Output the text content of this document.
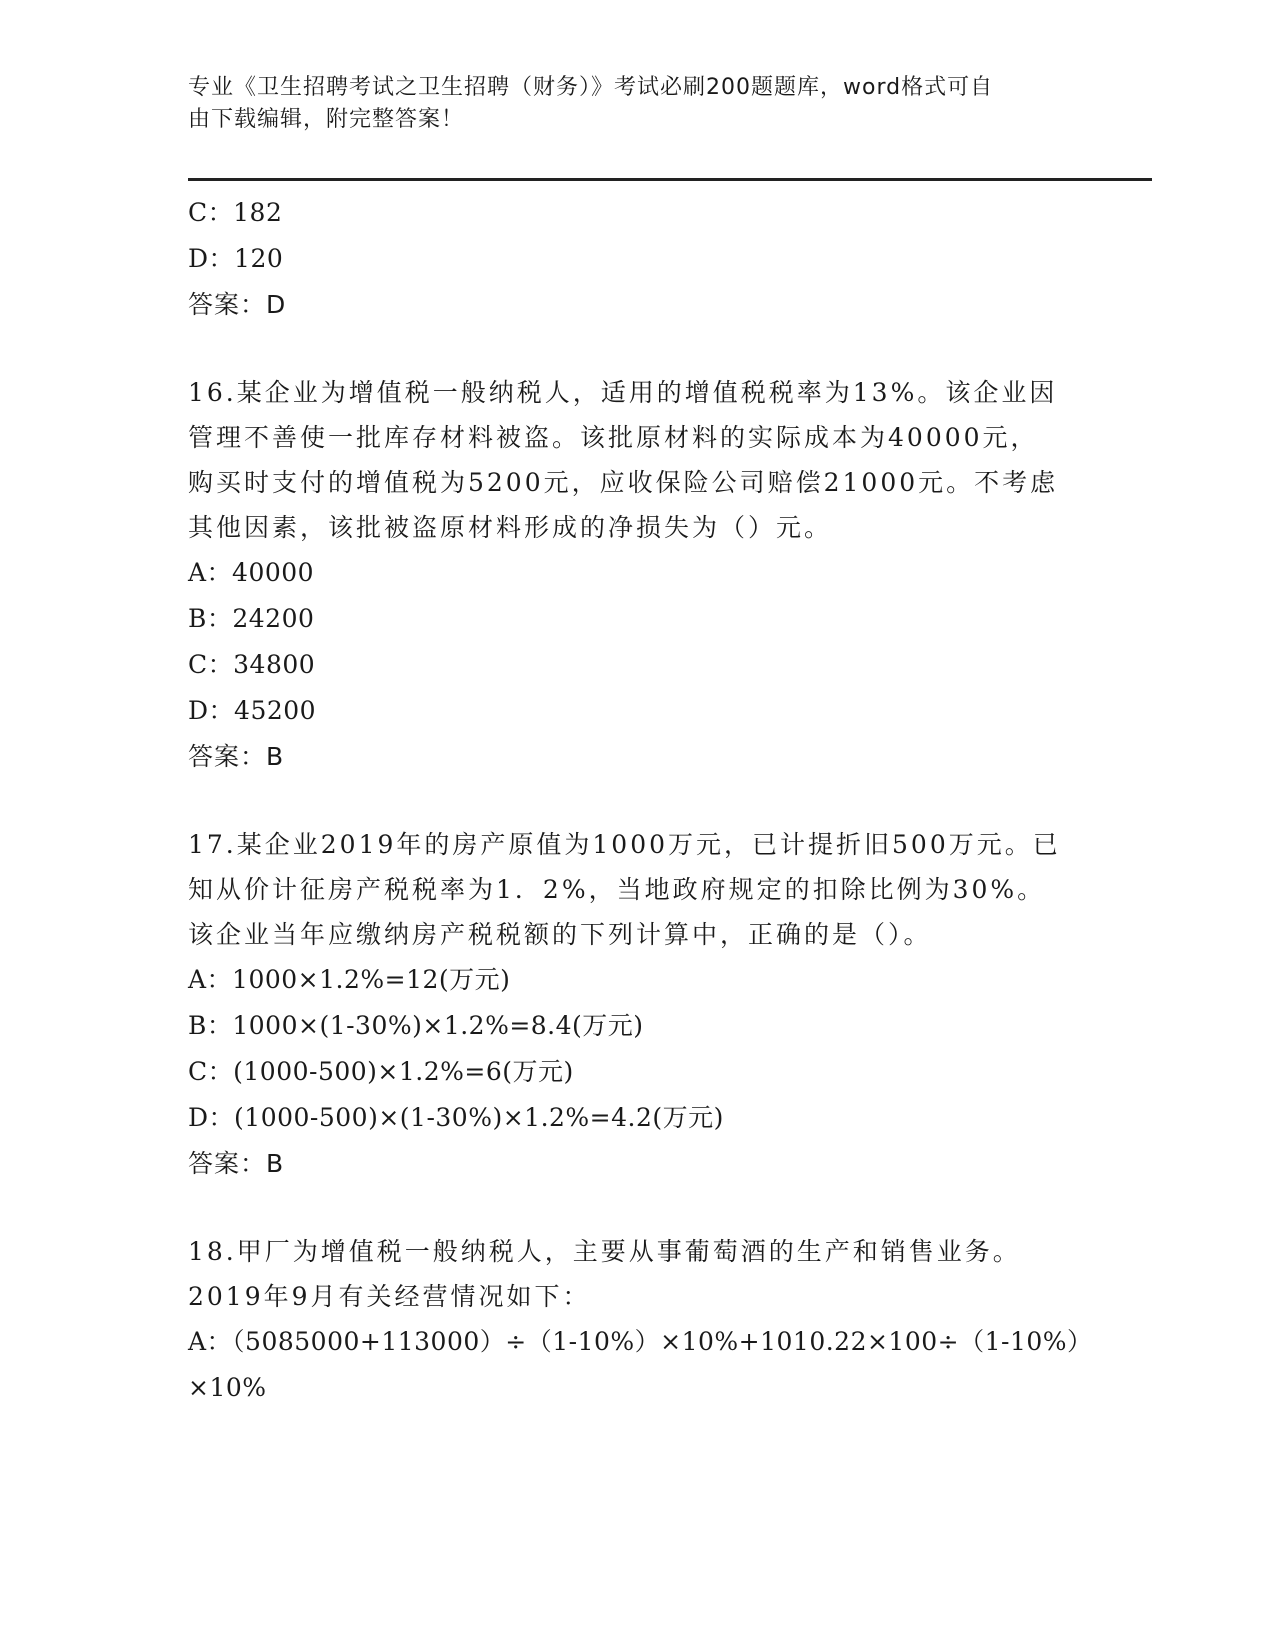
专业《卫生招聘考试之卫生招聘（财务）》考试必刷200题题库，word格式可自
由下载编辑，附完整答案！
C：182
D：120
答案：D
16.某企业为增值税一般纳税人，适用的增值税税率为13%。该企业因
管理不善使一批库存材料被盗。该批原材料的实际成本为40000元，
购买时支付的增值税为5200元，应收保险公司赔偿21000元。不考虑
其他因素，该批被盗原材料形成的净损失为（）元。
A：40000
B：24200
C：34800
D：45200
答案：B
17.某企业2019年的房产原值为1000万元，已计提折旧500万元。已
知从价计征房产税税率为1．2%，当地政府规定的扣除比例为30%。
该企业当年应缴纳房产税税额的下列计算中，正确的是（）。
A：1000×1.2%=12(万元)
B：1000×(1-30%)×1.2%=8.4(万元)
C：(1000-500)×1.2%=6(万元)
D：(1000-500)×(1-30%)×1.2%=4.2(万元)
答案：B
18.甲厂为增值税一般纳税人，主要从事葡萄酒的生产和销售业务。
2019年9月有关经营情况如下：
A：（5085000+113000）÷（1-10%）×10%+1010.22×100÷（1-10%）
×10%
